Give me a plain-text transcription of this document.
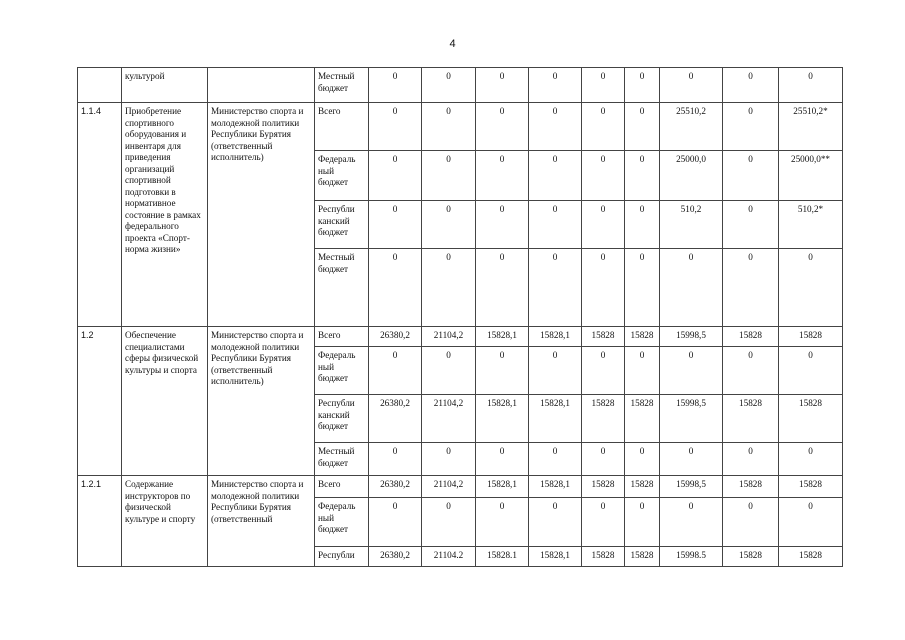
4
	культурой		Местный бюджет	0	0	0	0	0	0	0	0	0
1.1.4	Приобретение спортивного оборудования и инвентаря для приведения организаций спортивной подготовки в нормативное состояние в рамках федерального проекта «Спорт-норма жизни»	Министерство спорта и молодежной политики Республики Бурятия (ответственный исполнитель)	Всего	0	0	0	0	0	0	25510,2	0	25510,2*
			Федераль ный бюджет	0	0	0	0	0	0	25000,0	0	25000,0**
			Республи канский бюджет	0	0	0	0	0	0	510,2	0	510,2*
			Местный бюджет	0	0	0	0	0	0	0	0	0
1.2	Обеспечение специалистами сферы физической культуры и спорта	Министерство спорта и молодежной политики Республики Бурятия (ответственный исполнитель)	Всего	26380,2	21104,2	15828,1	15828,1	15828	15828	15998,5	15828	15828
			Федераль ный бюджет	0	0	0	0	0	0	0	0	0
			Республи канский бюджет	26380,2	21104,2	15828,1	15828,1	15828	15828	15998,5	15828	15828
			Местный бюджет	0	0	0	0	0	0	0	0	0
1.2.1	Содержание инструкторов по физической культуре и спорту	Министерство спорта и молодежной политики Республики Бурятия (ответственный	Всего	26380,2	21104,2	15828,1	15828,1	15828	15828	15998,5	15828	15828
			Федераль ный бюджет	0	0	0	0	0	0	0	0	0
			Республи	26380,2	21104.2	15828.1	15828,1	15828	15828	15998.5	15828	15828
